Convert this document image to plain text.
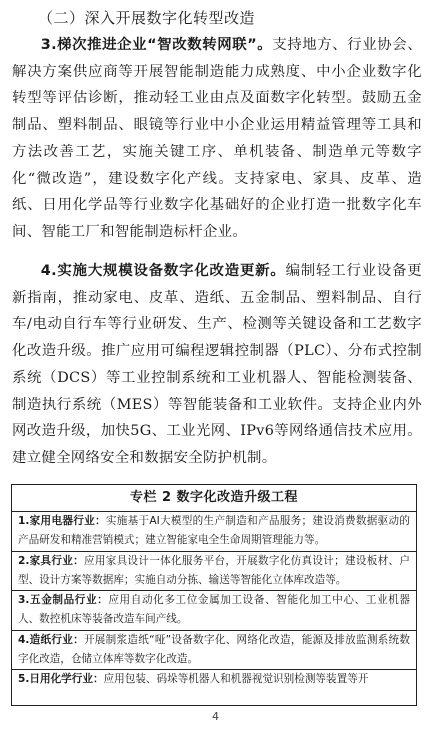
（二）深入开展数字化转型改造

3.梯次推进企业“智改数转网联”。支持地方、行业协会、解决方案供应商等开展智能制造能力成熟度、中小企业数字化转型等评估诊断，推动轻工业由点及面数字化转型。鼓励五金制品、塑料制品、眼镜等行业中小企业运用精益管理等工具和方法改善工艺，实施关键工序、单机装备、制造单元等数字化“微改造”，建设数字化产线。支持家电、家具、皮革、造纸、日用化学品等行业数字化基础好的企业打造一批数字化车间、智能工厂和智能制造标杆企业。

4.实施大规模设备数字化改造更新。编制轻工行业设备更新指南，推动家电、皮革、造纸、五金制品、塑料制品、自行车/电动自行车等行业研发、生产、检测等关键设备和工艺数字化改造升级。推广应用可编程逻辑控制器（PLC）、分布式控制系统（DCS）等工业控制系统和工业机器人、智能检测装备、制造执行系统（MES）等智能装备和工业软件。支持企业内外网改造升级，加快5G、工业光网、IPv6等网络通信技术应用。建立健全网络安全和数据安全防护机制。

专栏 2 数字化改造升级工程
1.家用电器行业：实施基于AI大模型的生产制造和产品服务；建设消费数据驱动的产品研发和精准营销模式；建立智能家电全生命周期管理能力等。
2.家具行业：应用家具设计一体化服务平台，开展数字化仿真设计；建设板材、户型、设计方案等数据库；实施自动分拣、输送等智能化立体库改造等。
3.五金制品行业：应用自动化多工位金属加工设备、智能化加工中心、工业机器人、数控机床等装备改造车间产线。
4.造纸行业：开展制浆造纸“哑”设备数字化、网络化改造，能源及排放监测系统数字化改造，仓储立体库等数字化改造。
5.日用化学行业：应用包装、码垛等机器人和机器视觉识别检测等装置等开
4
